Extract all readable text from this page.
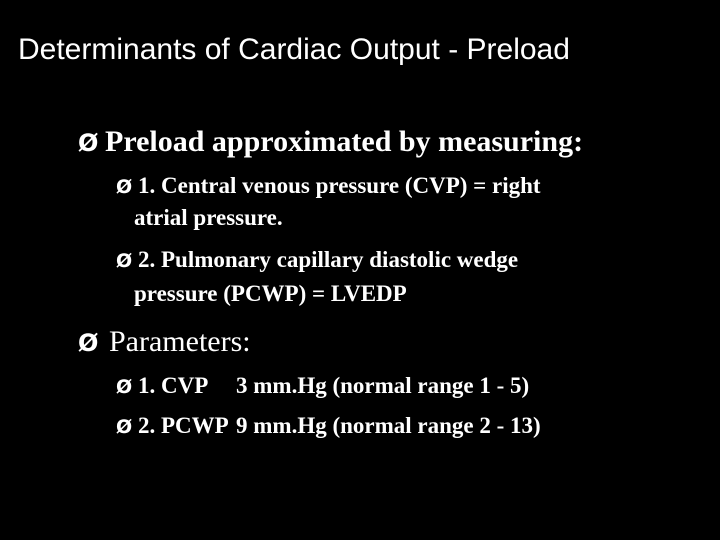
Determinants of Cardiac Output - Preload
Ø Preload approximated by measuring:
Ø 1. Central venous pressure (CVP) = right
atrial pressure.
Ø 2. Pulmonary capillary diastolic wedge
pressure (PCWP) = LVEDP
Ø Parameters:
Ø 1. CVP 3 mm.Hg (normal range 1 - 5)
Ø 2. PCWP 9 mm.Hg (normal range 2 - 13)
